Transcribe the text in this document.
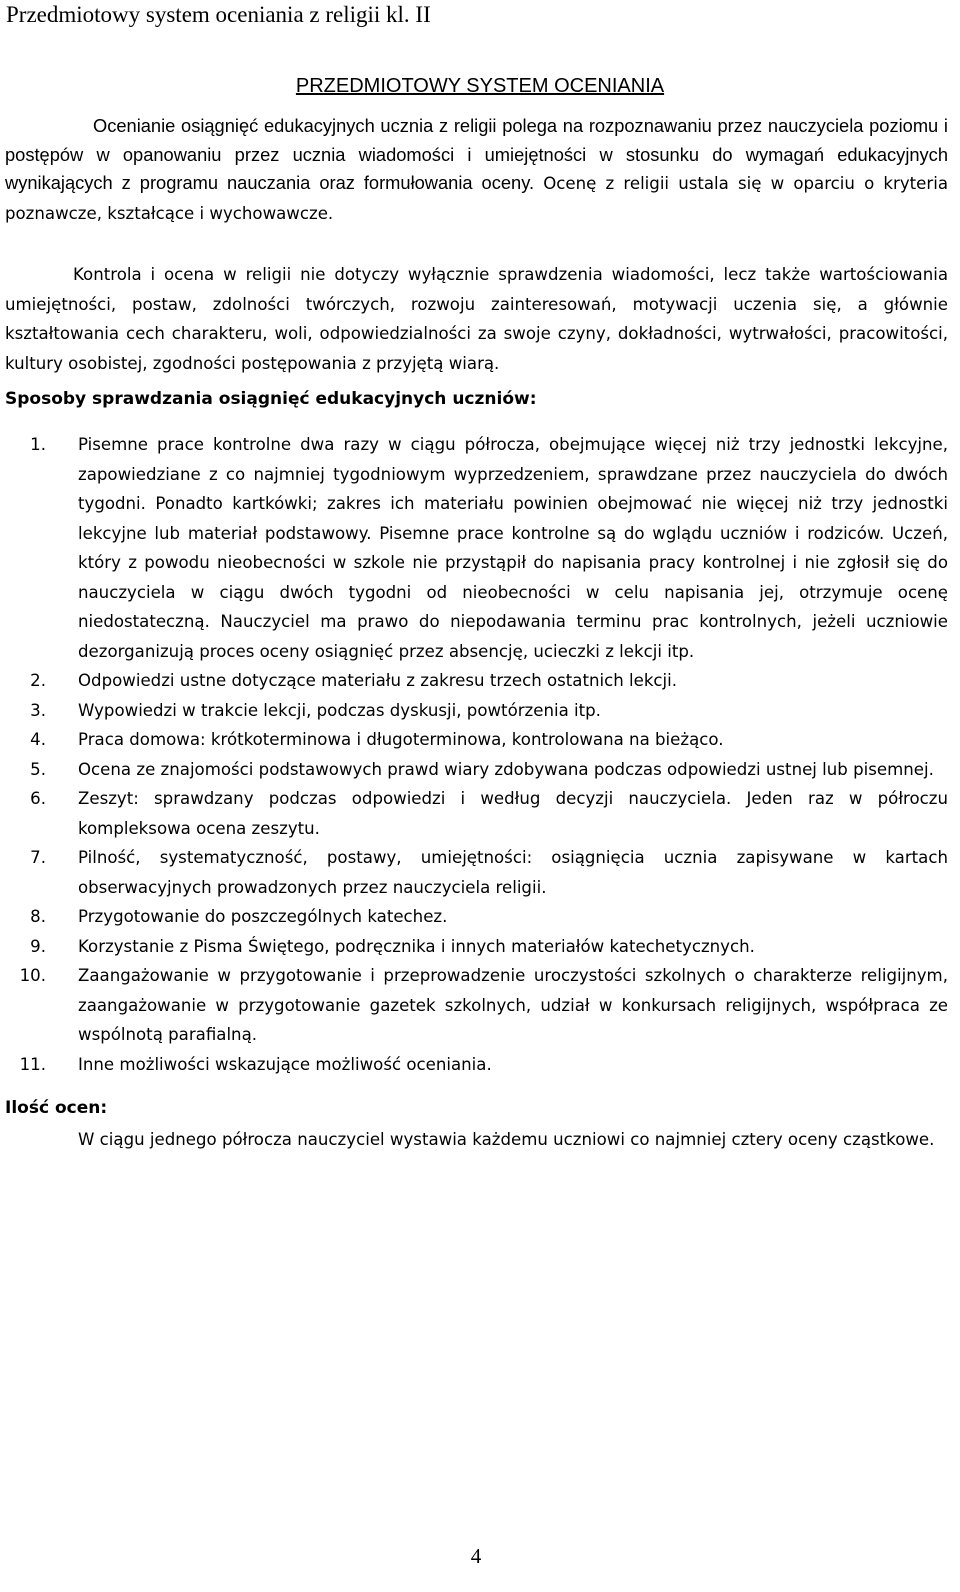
Przedmiotowy system oceniania z religii kl. II
PRZEDMIOTOWY SYSTEM OCENIANIA

Ocenianie osiągnięć edukacyjnych ucznia z religii polega na rozpoznawaniu przez nauczyciela poziomu i postępów w opanowaniu przez ucznia wiadomości i umiejętności w stosunku do wymagań edukacyjnych wynikających z programu nauczania oraz formułowania oceny. Ocenę z religii ustala się w oparciu o kryteria poznawcze, kształcące i wychowawcze.

Kontrola i ocena w religii nie dotyczy wyłącznie sprawdzenia wiadomości, lecz także wartościowania umiejętności, postaw, zdolności twórczych, rozwoju zainteresowań, motywacji uczenia się, a głównie kształtowania cech charakteru, woli, odpowiedzialności za swoje czyny, dokładności, wytrwałości, pracowitości, kultury osobistej, zgodności postępowania z przyjętą wiarą.

Sposoby sprawdzania osiągnięć edukacyjnych uczniów:

1. Pisemne prace kontrolne dwa razy w ciągu półrocza, obejmujące więcej niż trzy jednostki lekcyjne, zapowiedziane z co najmniej tygodniowym wyprzedzeniem, sprawdzane przez nauczyciela do dwóch tygodni. Ponadto kartkówki; zakres ich materiału powinien obejmować nie więcej niż trzy jednostki lekcyjne lub materiał podstawowy. Pisemne prace kontrolne są do wglądu uczniów i rodziców. Uczeń, który z powodu nieobecności w szkole nie przystąpił do napisania pracy kontrolnej i nie zgłosił się do nauczyciela w ciągu dwóch tygodni od nieobecności w celu napisania jej, otrzymuje ocenę niedostateczną. Nauczyciel ma prawo do niepodawania terminu prac kontrolnych, jeżeli uczniowie dezorganizują proces oceny osiągnięć przez absencję, ucieczki z lekcji itp.
2. Odpowiedzi ustne dotyczące materiału z zakresu trzech ostatnich lekcji.
3. Wypowiedzi w trakcie lekcji, podczas dyskusji, powtórzenia itp.
4. Praca domowa: krótkoterminowa i długoterminowa, kontrolowana na bieżąco.
5. Ocena ze znajomości podstawowych prawd wiary zdobywana podczas odpowiedzi ustnej lub pisemnej.
6. Zeszyt: sprawdzany podczas odpowiedzi i według decyzji nauczyciela. Jeden raz w półroczu kompleksowa ocena zeszytu.
7. Pilność, systematyczność, postawy, umiejętności: osiągnięcia ucznia zapisywane w kartach obserwacyjnych prowadzonych przez nauczyciela religii.
8. Przygotowanie do poszczególnych katechez.
9. Korzystanie z Pisma Świętego, podręcznika i innych materiałów katechetycznych.
10. Zaangażowanie w przygotowanie i przeprowadzenie uroczystości szkolnych o charakterze religijnym, zaangażowanie w przygotowanie gazetek szkolnych, udział w konkursach religijnych, współpraca ze wspólnotą parafialną.
11. Inne możliwości wskazujące możliwość oceniania.

Ilość ocen:

W ciągu jednego półrocza nauczyciel wystawia każdemu uczniowi co najmniej cztery oceny cząstkowe.

4
